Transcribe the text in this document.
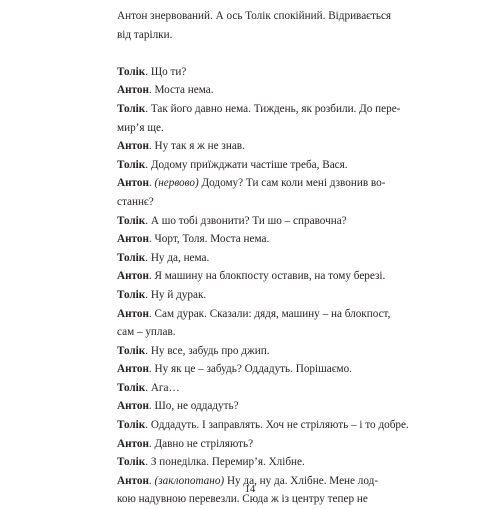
Антон знервований. А ось Толік спокійний. Відривається
від тарілки.
Толік. Що ти?
Антон. Моста нема.
Толік. Так його давно нема. Тиждень, як розбили. До пере-
мир’я ще.
Антон. Ну так я ж не знав.
Толік. Додому приїжджати частіше треба, Вася.
Антон. (нервово) Додому? Ти сам коли мені дзвонив во-
станнє?
Толік. А шо тобі дзвонити? Ти шо – справочна?
Антон. Чорт, Толя. Моста нема.
Толік. Ну да, нема.
Антон. Я машину на блокпосту оставив, на тому березі.
Толік. Ну й дурак.
Антон. Сам дурак. Сказали: дядя, машину – на блокпост,
сам – уплав.
Толік. Ну все, забудь про джип.
Антон. Ну як це – забудь? Оддадуть. Порішаємо.
Толік. Ага…
Антон. Шо, не оддадуть?
Толік. Оддадуть. І заправлять. Хоч не стріляють – і то добре.
Антон. Давно не стріляють?
Толік. З понеділка. Перемир’я. Хлібне.
Антон. (заклопотано) Ну да, ну да. Хлібне. Мене лод-
кою надувною перевезли. Сюда ж із центру тепер не
14
